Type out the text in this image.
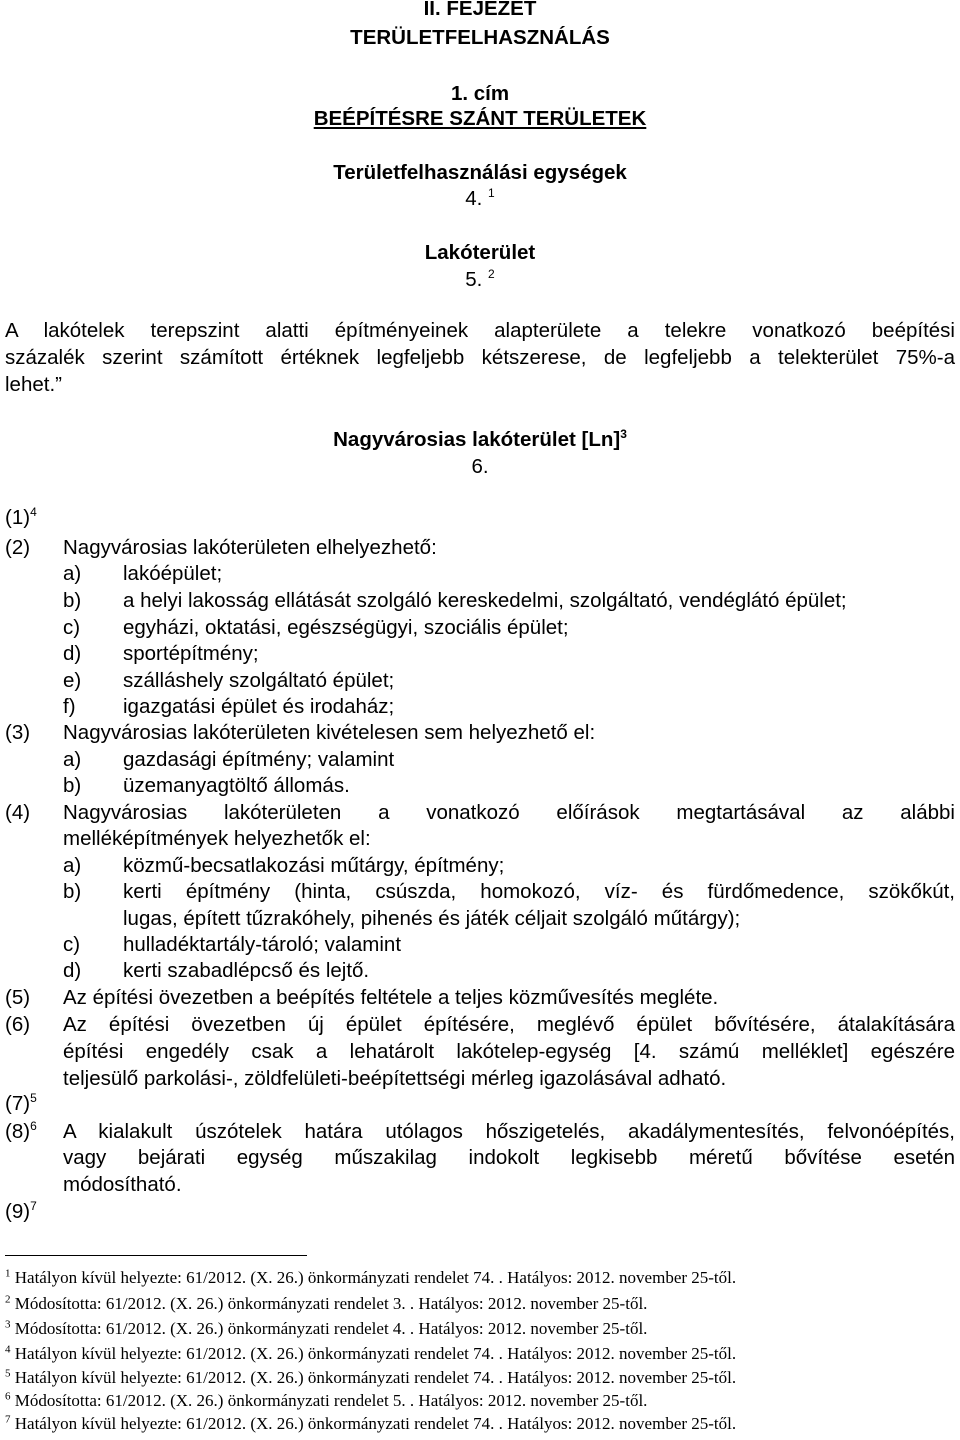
II. FEJEZET
TERÜLETFELHASZNÁLÁS
1. cím
BEÉPÍTÉSRE SZÁNT TERÜLETEK
Területfelhasználási egységek
4. $^1$
Lakóterület
5. $^2$
A lakótelek terepszint alatti építményeinek alapterülete a telekre vonatkozó beépítési
százalék szerint számított értéknek legfeljebb kétszerese, de legfeljebb a telekterület 75%-a
lehet.”
Nagyvárosias lakóterület $[Ln]^3$
6.
$(1)^4$
(2) Nagyvárosias lakóterületen elhelyezhető:
a) lakóépület;
b) a helyi lakosság ellátását szolgáló kereskedelmi, szolgáltató, vendéglátó épület;
c) egyházi, oktatási, egészségügyi, szociális épület;
d) sportépítmény;
e) szálláshely szolgáltató épület;
f) igazgatási épület és irodaház;
(3) Nagyvárosias lakóterületen kivételesen sem helyezhető el:
a) gazdasági építmény; valamint
b) üzemanyagtöltő állomás.
(4) Nagyvárosias lakóterületen a vonatkozó előírások megtartásával az alábbi
melléképítmények helyezhetők el:
a) közmű-becsatlakozási műtárgy, építmény;
b) kerti építmény (hinta, csúszda, homokozó, víz- és fürdőmedence, szökőkút,
lugas, épített tűzrakóhely, pihenés és játék céljait szolgáló műtárgy);
c) hulladéktartály-tároló; valamint
d) kerti szabadlépcső és lejtő.
(5) Az építési övezetben a beépítés feltétele a teljes közművesítés megléte.
(6) Az építési övezetben új épület építésére, meglévő épület bővítésére, átalakítására
építési engedély csak a lehatárolt lakótelep-egység [4. számú melléklet] egészére
teljesülő parkolási-, zöldfelületi-beépítettségi mérleg igazolásával adható.
$(7)^5$
$(8)^6$ A kialakult úszótelek határa utólagos hőszigetelés, akadálymentesítés, felvonóépítés,
vagy bejárati egység műszakilag indokolt legkisebb méretű bővítése esetén
módosítható.
$(9)^7$
$^1$ Hatályon kívül helyezte: 61/2012. (X. 26.) önkormányzati rendelet 74. . Hatályos: 2012. november 25-től.
$^2$ Módosította: 61/2012. (X. 26.) önkormányzati rendelet 3. . Hatályos: 2012. november 25-től.
$^3$ Módosította: 61/2012. (X. 26.) önkormányzati rendelet 4. . Hatályos: 2012. november 25-től.
$^4$ Hatályon kívül helyezte: 61/2012. (X. 26.) önkormányzati rendelet 74. . Hatályos: 2012. november 25-től.
$^5$ Hatályon kívül helyezte: 61/2012. (X. 26.) önkormányzati rendelet 74. . Hatályos: 2012. november 25-től.
$^6$ Módosította: 61/2012. (X. 26.) önkormányzati rendelet 5. . Hatályos: 2012. november 25-től.
$^7$ Hatályon kívül helyezte: 61/2012. (X. 26.) önkormányzati rendelet 74. . Hatályos: 2012. november 25-től.
